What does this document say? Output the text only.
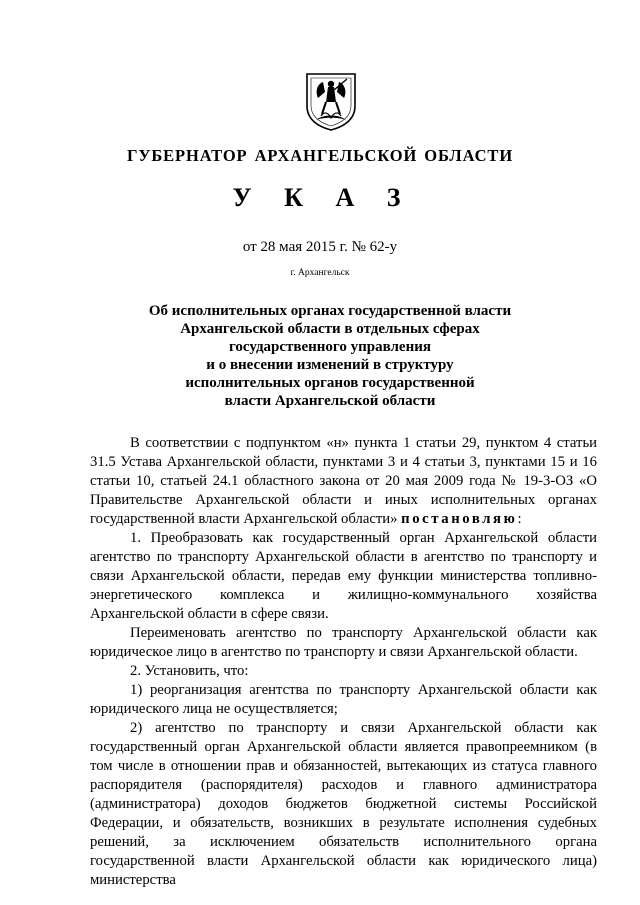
ГУБЕРНАТОР АРХАНГЕЛЬСКОЙ ОБЛАСТИ
У К А З
от 28 мая 2015 г. № 62-у
г. Архангельск
Об исполнительных органах государственной власти
Архангельской области в отдельных сферах
государственного управления
и о внесении изменений в структуру
исполнительных органов государственной
власти Архангельской области

В соответствии с подпунктом «н» пункта 1 статьи 29, пунктом 4 статьи 31.5 Устава Архангельской области, пунктами 3 и 4 статьи 3, пунктами 15 и 16 статьи 10, статьей 24.1 областного закона от 20 мая 2009 года № 19-3-ОЗ «О Правительстве Архангельской области и иных исполнительных органах государственной власти Архангельской области» постановляю:

1. Преобразовать как государственный орган Архангельской области агентство по транспорту Архангельской области в агентство по транспорту и связи Архангельской области, передав ему функции министерства топливно-энергетического комплекса и жилищно-коммунального хозяйства Архангельской области в сфере связи.

Переименовать агентство по транспорту Архангельской области как юридическое лицо в агентство по транспорту и связи Архангельской области.

2. Установить, что:

1) реорганизация агентства по транспорту Архангельской области как юридического лица не осуществляется;

2) агентство по транспорту и связи Архангельской области как государственный орган Архангельской области является правопреемником (в том числе в отношении прав и обязанностей, вытекающих из статуса главного распорядителя (распорядителя) расходов и главного администратора (администратора) доходов бюджетов бюджетной системы Российской Федерации, и обязательств, возникших в результате исполнения судебных решений, за исключением обязательств исполнительного органа государственной власти Архангельской области как юридического лица) министерства
